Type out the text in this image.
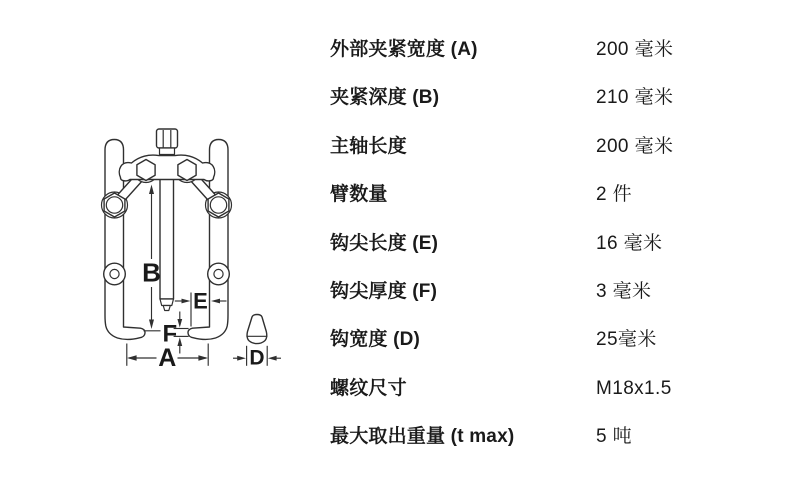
B
E
F
A	D
外部夹紧宽度 (A)	200 毫米
夹紧深度 (B)	210 毫米
主轴长度	200 毫米
臂数量	2 件
钩尖长度 (E)	16 毫米
钩尖厚度 (F)	3 毫米
钩宽度 (D)	25毫米
螺纹尺寸	M18x1.5
最大取出重量 (t max)	5 吨
